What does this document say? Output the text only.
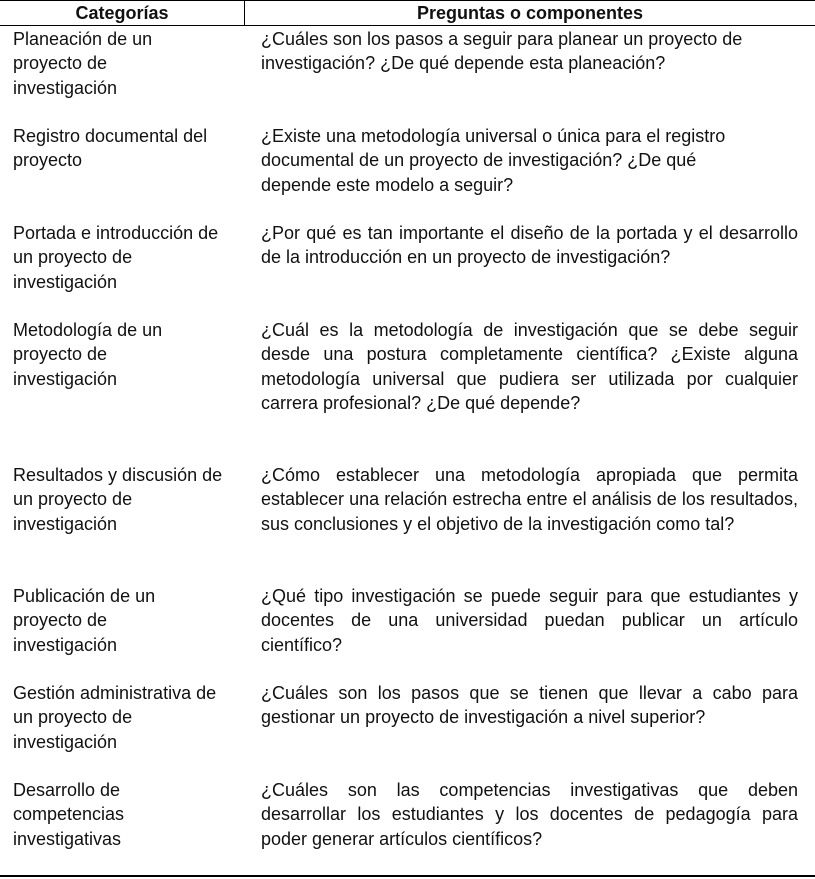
Categorías	Preguntas o componentes
Planeación de un proyecto de investigación
¿Cuáles son los pasos a seguir para planear un proyecto de investigación? ¿De qué depende esta planeación?
Registro documental del proyecto
¿Existe una metodología universal o única para el registro documental de un proyecto de investigación? ¿De qué depende este modelo a seguir?
Portada e introducción de un proyecto de investigación
¿Por qué es tan importante el diseño de la portada y el desarrollo de la introducción en un proyecto de investigación?
Metodología de un proyecto de investigación
¿Cuál es la metodología de investigación que se debe seguir desde una postura completamente científica? ¿Existe alguna metodología universal que pudiera ser utilizada por cualquier carrera profesional? ¿De qué depende?
Resultados y discusión de un proyecto de investigación
¿Cómo establecer una metodología apropiada que permita establecer una relación estrecha entre el análisis de los resultados, sus conclusiones y el objetivo de la investigación como tal?
Publicación de un proyecto de investigación
¿Qué tipo investigación se puede seguir para que estudiantes y docentes de una universidad puedan publicar un artículo científico?
Gestión administrativa de un proyecto de investigación
¿Cuáles son los pasos que se tienen que llevar a cabo para gestionar un proyecto de investigación a nivel superior?
Desarrollo de competencias investigativas
¿Cuáles son las competencias investigativas que deben desarrollar los estudiantes y los docentes de pedagogía para poder generar artículos científicos?
